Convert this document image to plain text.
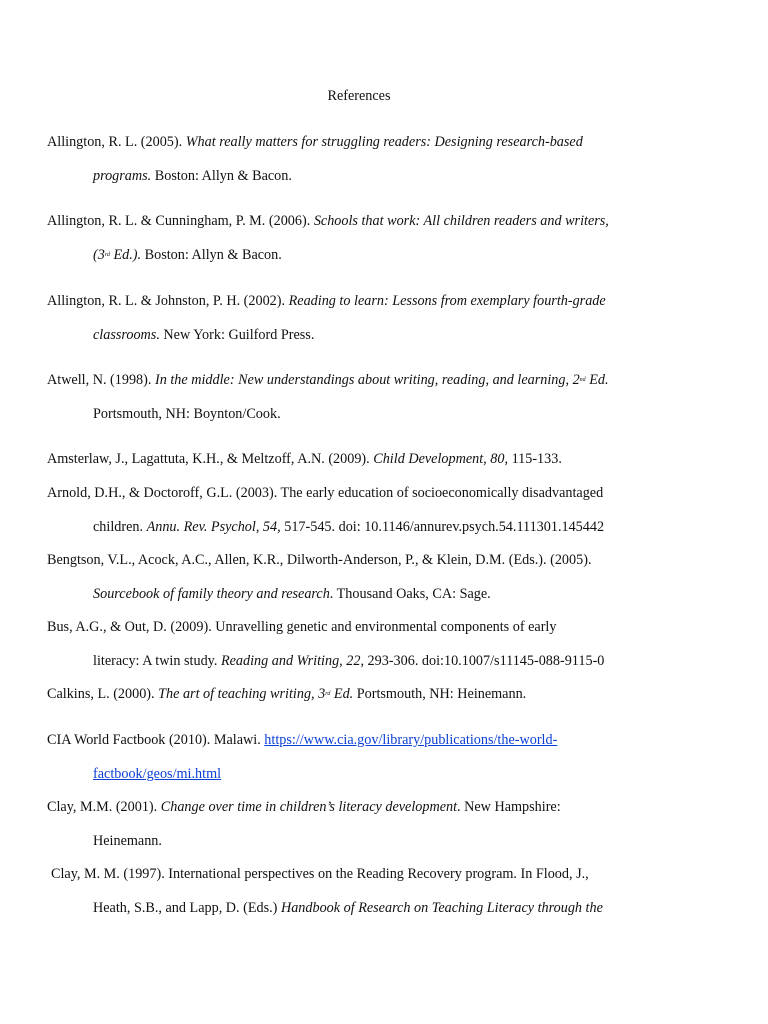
References
Allington, R. L. (2005). What really matters for struggling readers: Designing research-based
programs. Boston: Allyn & Bacon.
Allington, R. L. & Cunningham, P. M. (2006). Schools that work: All children readers and writers,
(3rd Ed.). Boston: Allyn & Bacon.
Allington, R. L. & Johnston, P. H. (2002). Reading to learn: Lessons from exemplary fourth-grade
classrooms. New York: Guilford Press.
Atwell, N. (1998). In the middle: New understandings about writing, reading, and learning, 2nd Ed.
Portsmouth, NH: Boynton/Cook.
Amsterlaw, J., Lagattuta, K.H., & Meltzoff, A.N. (2009). Child Development, 80, 115-133.
Arnold, D.H., & Doctoroff, G.L. (2003). The early education of socioeconomically disadvantaged
children. Annu. Rev. Psychol, 54, 517-545. doi: 10.1146/annurev.psych.54.111301.145442
Bengtson, V.L., Acock, A.C., Allen, K.R., Dilworth-Anderson, P., & Klein, D.M. (Eds.). (2005).
Sourcebook of family theory and research. Thousand Oaks, CA: Sage.
Bus, A.G., & Out, D. (2009). Unravelling genetic and environmental components of early
literacy: A twin study. Reading and Writing, 22, 293-306. doi:10.1007/s11145-088-9115-0
Calkins, L. (2000). The art of teaching writing, 3rd Ed. Portsmouth, NH: Heinemann.
CIA World Factbook (2010). Malawi. https://www.cia.gov/library/publications/the-world-
factbook/geos/mi.html
Clay, M.M. (2001). Change over time in children’s literacy development. New Hampshire:
Heinemann.
Clay, M. M. (1997). International perspectives on the Reading Recovery program. In Flood, J.,
Heath, S.B., and Lapp, D. (Eds.) Handbook of Research on Teaching Literacy through the
